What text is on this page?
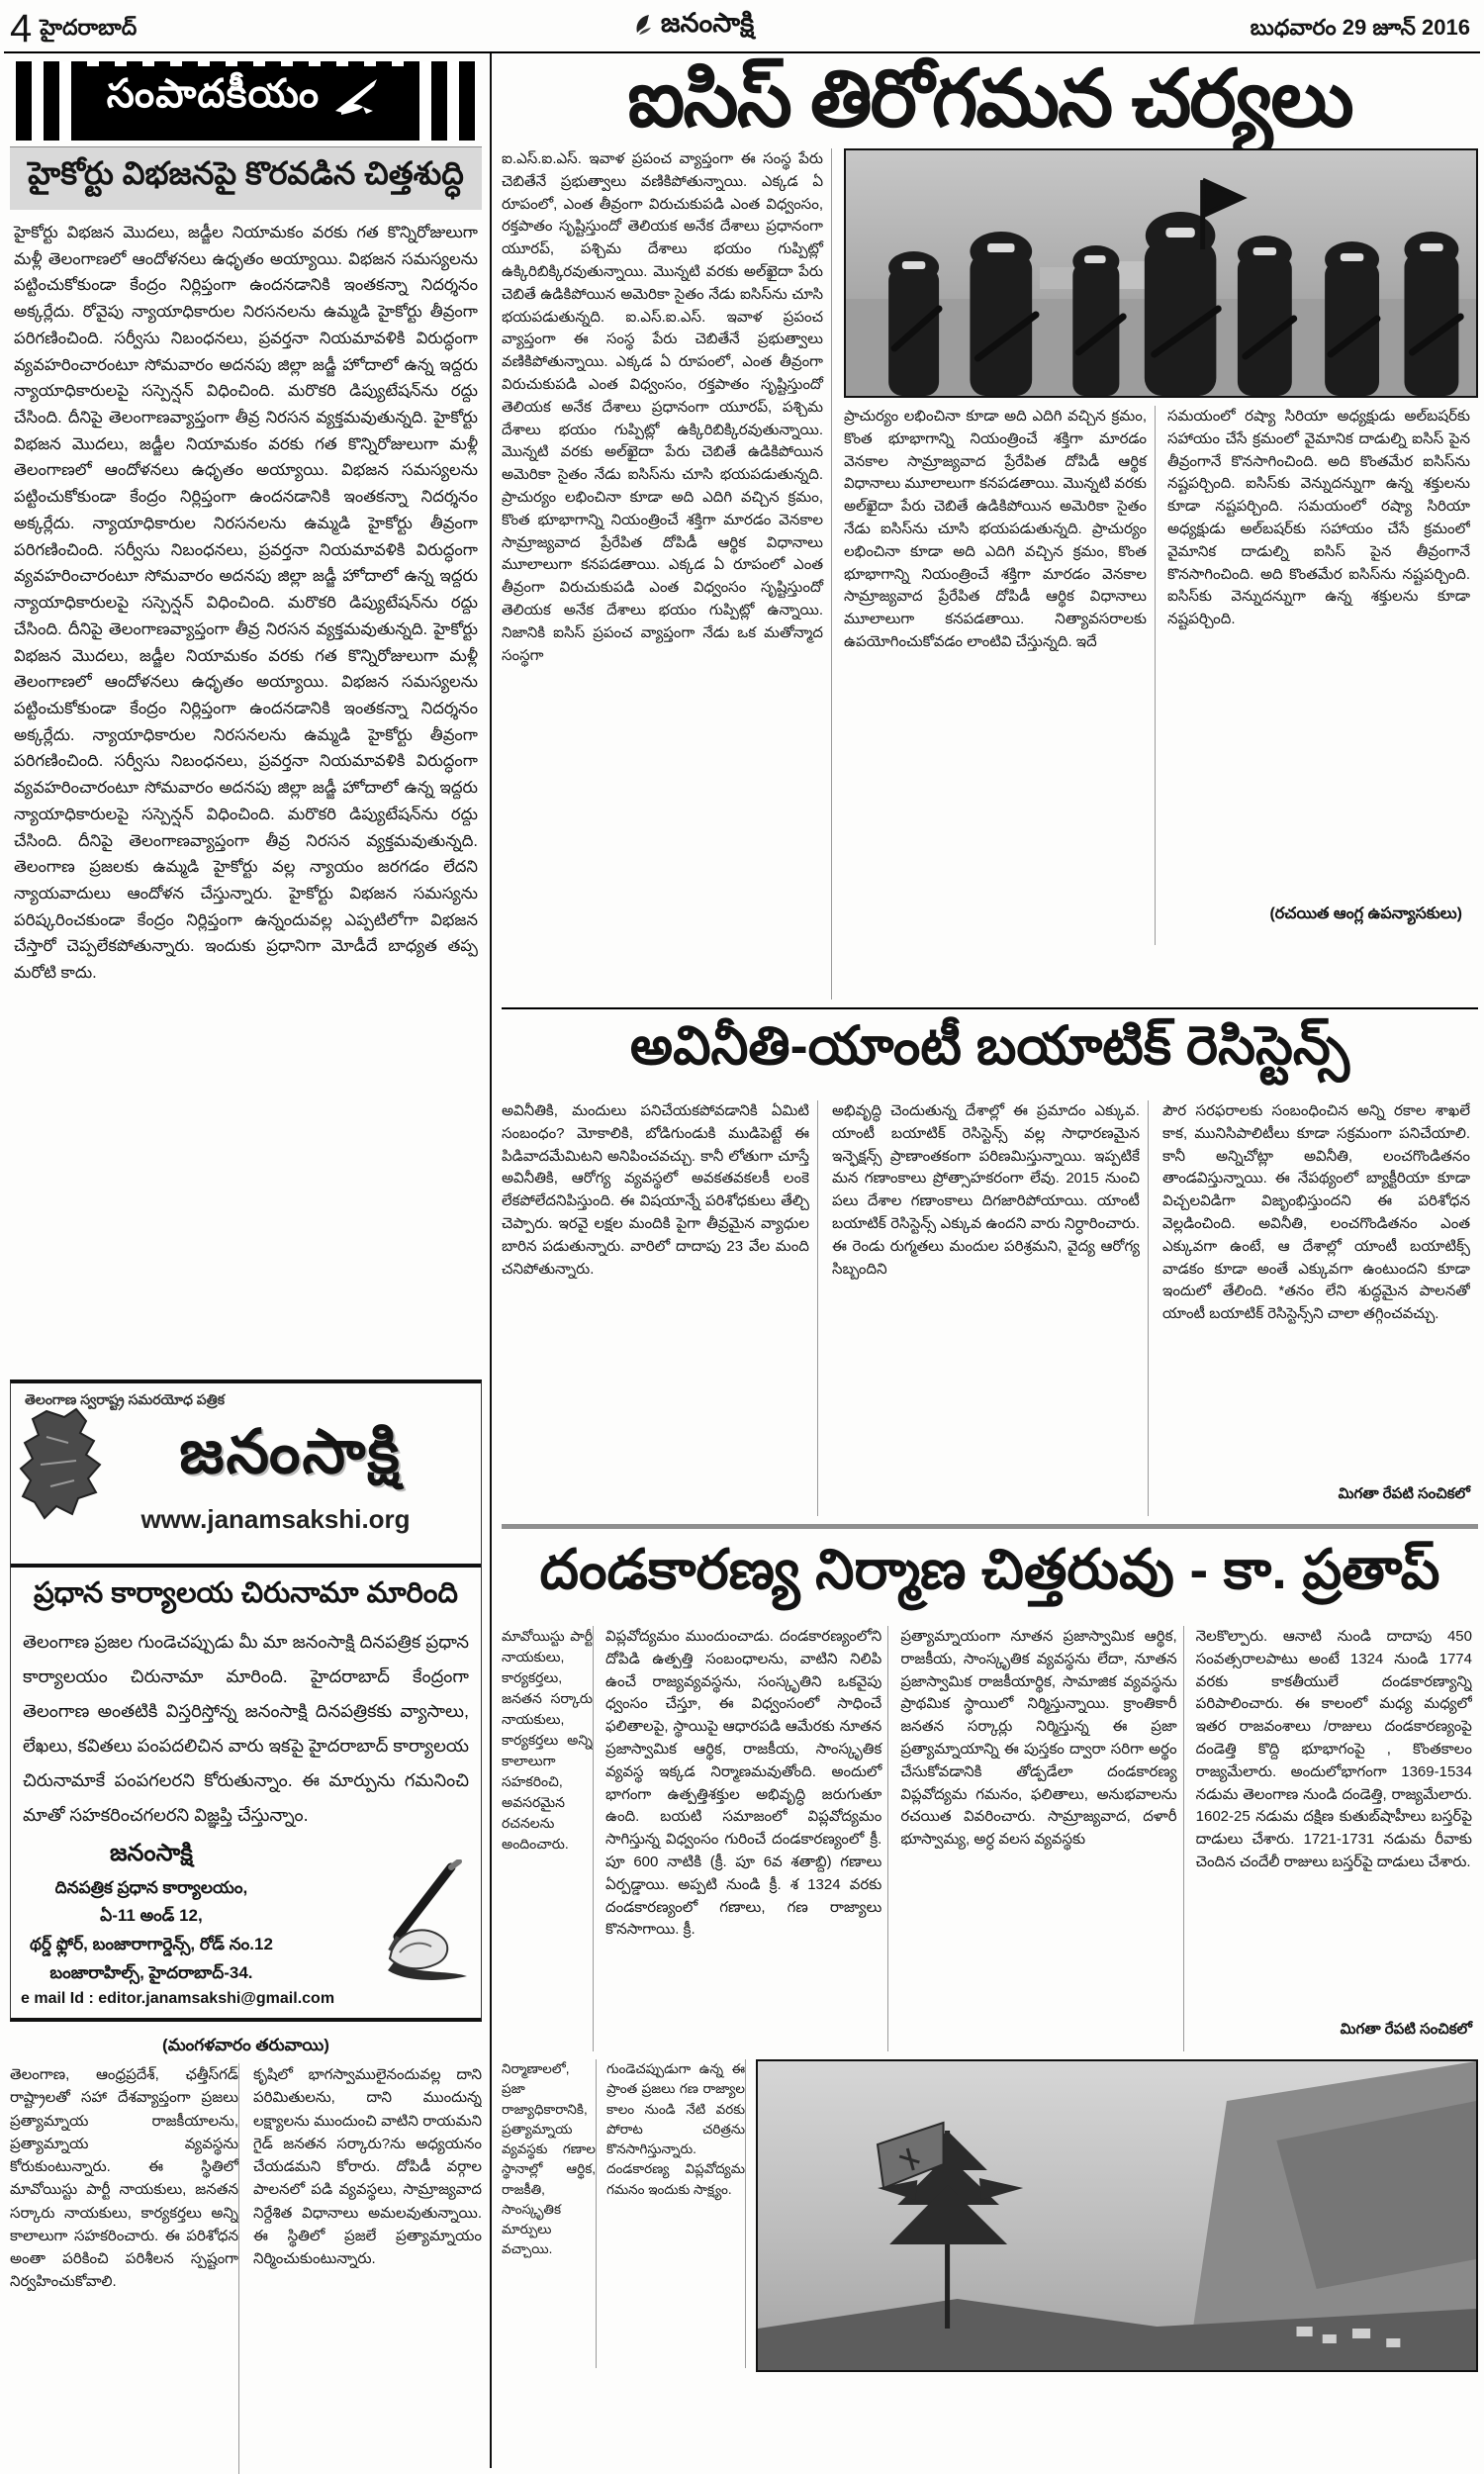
4 హైదరాబాద్	జనంసాక్షి	బుధవారం 29 జూన్ 2016
సంపాదకీయం
హైకోర్టు విభజనపై కొరవడిన చిత్తశుద్ధి
హైకోర్టు విభజన మొదలు, జడ్జీల నియామకం వరకు గత కొన్నిరోజులుగా మళ్లీ తెలంగాణలో ఆందోళనలు ఉధృతం అయ్యాయి. విభజన సమస్యలను పట్టించుకోకుండా కేంద్రం నిర్లిప్తంగా ఉందనడానికి ఇంతకన్నా నిదర్శనం అక్కర్లేదు. రోవైపు న్యాయాధికారుల నిరసనలను ఉమ్మడి హైకోర్టు తీవ్రంగా పరిగణించింది. సర్వీసు నిబంధనలు, ప్రవర్తనా నియమావళికి విరుద్ధంగా వ్యవహరించారంటూ సోమవారం అదనపు జిల్లా జడ్జీ హోదాలో ఉన్న ఇద్దరు న్యాయాధికారులపై సస్పెన్షన్ విధించింది. మరొకరి డిప్యుటేషన్‌ను రద్దు చేసింది. దీనిపై తెలంగాణవ్యాప్తంగా తీవ్ర నిరసన వ్యక్తమవుతున్నది. హైకోర్టు విభజన మొదలు, జడ్జీల నియామకం వరకు గత కొన్నిరోజులుగా మళ్లీ తెలంగాణలో ఆందోళనలు ఉధృతం అయ్యాయి. విభజన సమస్యలను పట్టించుకోకుండా కేంద్రం నిర్లిప్తంగా ఉందనడానికి ఇంతకన్నా నిదర్శనం అక్కర్లేదు. న్యాయాధికారుల నిరసనలను ఉమ్మడి హైకోర్టు తీవ్రంగా పరిగణించింది. సర్వీసు నిబంధనలు, ప్రవర్తనా నియమావళికి విరుద్ధంగా వ్యవహరించారంటూ సోమవారం అదనపు జిల్లా జడ్జీ హోదాలో ఉన్న ఇద్దరు న్యాయాధికారులపై సస్పెన్షన్ విధించింది. మరొకరి డిప్యుటేషన్‌ను రద్దు చేసింది. దీనిపై తెలంగాణవ్యాప్తంగా తీవ్ర నిరసన వ్యక్తమవుతున్నది. హైకోర్టు విభజన మొదలు, జడ్జీల నియామకం వరకు గత కొన్నిరోజులుగా మళ్లీ తెలంగాణలో ఆందోళనలు ఉధృతం అయ్యాయి. విభజన సమస్యలను పట్టించుకోకుండా కేంద్రం నిర్లిప్తంగా ఉందనడానికి ఇంతకన్నా నిదర్శనం అక్కర్లేదు. న్యాయాధికారుల నిరసనలను ఉమ్మడి హైకోర్టు తీవ్రంగా పరిగణించింది. సర్వీసు నిబంధనలు, ప్రవర్తనా నియమావళికి విరుద్ధంగా వ్యవహరించారంటూ సోమవారం అదనపు జిల్లా జడ్జీ హోదాలో ఉన్న ఇద్దరు న్యాయాధికారులపై సస్పెన్షన్ విధించింది. మరొకరి డిప్యుటేషన్‌ను రద్దు చేసింది. దీనిపై తెలంగాణవ్యాప్తంగా తీవ్ర నిరసన వ్యక్తమవుతున్నది. తెలంగాణ ప్రజలకు ఉమ్మడి హైకోర్టు వల్ల న్యాయం జరగడం లేదని న్యాయవాదులు ఆందోళన చేస్తున్నారు. హైకోర్టు విభజన సమస్యను పరిష్కరించకుండా కేంద్రం నిర్లిప్తంగా ఉన్నందువల్ల ఎప్పటిలోగా విభజన చేస్తారో చెప్పలేకపోతున్నారు. ఇందుకు ప్రధానిగా మోడీదే బాధ్యత తప్ప మరోటి కాదు.
తెలంగాణ స్వరాష్ట్ర సమరయోధ పత్రిక
జనంసాక్షి
www.janamsakshi.org
ప్రధాన కార్యాలయ చిరునామా మారింది
తెలంగాణ ప్రజల గుండెచప్పుడు మీ మా జనంసాక్షి దినపత్రిక ప్రధాన కార్యాలయం చిరునామా మారింది. హైదరాబాద్ కేంద్రంగా తెలంగాణ అంతటికి విస్తరిస్తోన్న జనంసాక్షి దినపత్రికకు వ్యాసాలు, లేఖలు, కవితలు పంపదలిచిన వారు ఇకపై హైదరాబాద్ కార్యాలయ చిరునామాకే పంపగలరని కోరుతున్నాం. ఈ మార్పును గమనించి మాతో సహకరించగలరని విజ్ఞప్తి చేస్తున్నాం.
జనంసాక్షి
దినపత్రిక ప్రధాన కార్యాలయం,
ఏ-11 అండ్ 12,
థర్డ్ ఫ్లోర్, బంజారాగార్డెన్స్, రోడ్ నం.12
బంజారాహిల్స్, హైదరాబాద్-34.
e mail Id : editor.janamsakshi@gmail.com
(మంగళవారం తరువాయి)
తెలంగాణ, ఆంధ్రప్రదేశ్, ఛత్తీస్‌గడ్ రాష్ట్రాలతో సహా దేశవ్యాప్తంగా ప్రజలు ప్రత్యామ్నాయ రాజకీయాలను, ప్రత్యామ్నాయ వ్యవస్థను కోరుకుంటున్నారు. ఈ స్థితిలో మావోయిస్టు పార్టీ నాయకులు, జనతన సర్కారు నాయకులు, కార్యకర్తలు అన్ని కాలాలుగా సహకరించారు. ఈ పరిశోధన అంతా పరికించి పరిశీలన స్పష్టంగా నిర్వహించుకోవాలి.
కృషిలో భాగస్వాములైనందువల్ల దాని పరిమితులను, దాని ముందున్న లక్ష్యాలను ముందుంచి వాటిని రాయమని గైడ్ జనతన సర్కారు?ను అధ్యయనం చేయడమని కోరారు. దోపిడీ వర్గాల పాలనలో పడి వ్యవస్థలు, సామ్రాజ్యవాద నిర్దేశిత విధానాలు అమలవుతున్నాయి. ఈ స్థితిలో ప్రజలే ప్రత్యామ్నాయం నిర్మించుకుంటున్నారు.
ఐసిస్ తిరోగమన చర్యలు
ఐ.ఎస్.ఐ.ఎస్. ఇవాళ ప్రపంచ వ్యాప్తంగా ఈ సంస్థ పేరు చెబితేనే ప్రభుత్వాలు వణికిపోతున్నాయి. ఎక్కడ ఏ రూపంలో, ఎంత తీవ్రంగా విరుచుకుపడి ఎంత విధ్వంసం, రక్తపాతం సృష్టిస్తుందో తెలియక అనేక దేశాలు ప్రధానంగా యూరప్, పశ్చిమ దేశాలు భయం గుప్పిట్లో ఉక్కిరిబిక్కిరవుతున్నాయి. మొన్నటి వరకు అల్‌ఖైదా పేరు చెబితే ఉడికిపోయిన అమెరికా సైతం నేడు ఐసిస్‌ను చూసి భయపడుతున్నది. ఐ.ఎస్.ఐ.ఎస్. ఇవాళ ప్రపంచ వ్యాప్తంగా ఈ సంస్థ పేరు చెబితేనే ప్రభుత్వాలు వణికిపోతున్నాయి. ఎక్కడ ఏ రూపంలో, ఎంత తీవ్రంగా విరుచుకుపడి ఎంత విధ్వంసం, రక్తపాతం సృష్టిస్తుందో తెలియక అనేక దేశాలు ప్రధానంగా యూరప్, పశ్చిమ దేశాలు భయం గుప్పిట్లో ఉక్కిరిబిక్కిరవుతున్నాయి. మొన్నటి వరకు అల్‌ఖైదా పేరు చెబితే ఉడికిపోయిన అమెరికా సైతం నేడు ఐసిస్‌ను చూసి భయపడుతున్నది. ప్రాచుర్యం లభించినా కూడా అది ఎదిగి వచ్చిన క్రమం, కొంత భూభాగాన్ని నియంత్రించే శక్తిగా మారడం వెనకాల సామ్రాజ్యవాద ప్రేరేపిత దోపిడీ ఆర్థిక విధానాలు మూలాలుగా కనపడతాయి. ఎక్కడ ఏ రూపంలో ఎంత తీవ్రంగా విరుచుకుపడి ఎంత విధ్వంసం సృష్టిస్తుందో తెలియక అనేక దేశాలు భయం గుప్పిట్లో ఉన్నాయి. నిజానికి ఐసిస్ ప్రపంచ వ్యాప్తంగా నేడు ఒక మతోన్మాద సంస్థగా
ప్రాచుర్యం లభించినా కూడా అది ఎదిగి వచ్చిన క్రమం, కొంత భూభాగాన్ని నియంత్రించే శక్తిగా మారడం వెనకాల సామ్రాజ్యవాద ప్రేరేపిత దోపిడీ ఆర్థిక విధానాలు మూలాలుగా కనపడతాయి. మొన్నటి వరకు అల్‌ఖైదా పేరు చెబితే ఉడికిపోయిన అమెరికా సైతం నేడు ఐసిస్‌ను చూసి భయపడుతున్నది. ప్రాచుర్యం లభించినా కూడా అది ఎదిగి వచ్చిన క్రమం, కొంత భూభాగాన్ని నియంత్రించే శక్తిగా మారడం వెనకాల సామ్రాజ్యవాద ప్రేరేపిత దోపిడీ ఆర్థిక విధానాలు మూలాలుగా కనపడతాయి. నిత్యావసరాలకు ఉపయోగించుకోవడం లాంటివి చేస్తున్నది. ఇదే
సమయంలో రష్యా సిరియా అధ్యక్షుడు అల్‌బషర్‌కు సహాయం చేసే క్రమంలో వైమానిక దాడుల్ని ఐసిస్ పైన తీవ్రంగానే కొనసాగించింది. అది కొంతమేర ఐసిస్‌ను నష్టపర్చింది. ఐసిస్‌కు వెన్నుదన్నుగా ఉన్న శక్తులను కూడా నష్టపర్చింది. సమయంలో రష్యా సిరియా అధ్యక్షుడు అల్‌బషర్‌కు సహాయం చేసే క్రమంలో వైమానిక దాడుల్ని ఐసిస్ పైన తీవ్రంగానే కొనసాగించింది. అది కొంతమేర ఐసిస్‌ను నష్టపర్చింది. ఐసిస్‌కు వెన్నుదన్నుగా ఉన్న శక్తులను కూడా నష్టపర్చింది.
(రచయిత ఆంగ్ల ఉపన్యాసకులు)
అవినీతి-యాంటీ బయాటిక్ రెసిస్టెన్స్
అవినీతికి, మందులు పనిచేయకపోవడానికి ఏమిటి సంబంధం? మోకాలికి, బోడిగుండుకి ముడిపెట్టే ఈ పిడివాదమేమిటని అనిపించవచ్చు. కానీ లోతుగా చూస్తే అవినీతికి, ఆరోగ్య వ్యవస్థలో అవకతవకలకీ లంకె లేకపోలేదనిపిస్తుంది. ఈ విషయాన్నే పరిశోధకులు తేల్చి చెప్పారు. ఇరవై లక్షల మందికి పైగా తీవ్రమైన వ్యాధుల బారిన పడుతున్నారు. వారిలో దాదాపు 23 వేల మంది చనిపోతున్నారు.
అభివృద్ధి చెందుతున్న దేశాల్లో ఈ ప్రమాదం ఎక్కువ. యాంటీ బయాటిక్ రెసిస్టెన్స్ వల్ల సాధారణమైన ఇన్ఫెక్షన్స్ ప్రాణాంతకంగా పరిణమిస్తున్నాయి. ఇప్పటికే మన గణాంకాలు ప్రోత్సాహకరంగా లేవు. 2015 నుంచి పలు దేశాల గణాంకాలు దిగజారిపోయాయి. యాంటీ బయాటిక్ రెసిస్టెన్స్ ఎక్కువ ఉందని వారు నిర్ధారించారు. ఈ రెండు రుగ్మతలు మందుల పరిశ్రమని, వైద్య ఆరోగ్య సిబ్బందిని
పౌర సరఫరాలకు సంబంధించిన అన్ని రకాల శాఖలే కాక, మునిసిపాలిటీలు కూడా సక్రమంగా పనిచేయాలి. కానీ అన్నిచోట్లా అవినీతి, లంచగొండితనం తాండవిస్తున్నాయి. ఈ నేపథ్యంలో బ్యాక్టీరియా కూడా విచ్చలవిడిగా విజృంభిస్తుందని ఈ పరిశోధన వెల్లడించింది. అవినీతి, లంచగొండితనం ఎంత ఎక్కువగా ఉంటే, ఆ దేశాల్లో యాంటీ బయాటిక్స్ వాడకం కూడా అంతే ఎక్కువగా ఉంటుందని కూడా ఇందులో తేలింది. *తనం లేని శుద్ధమైన పాలనతో యాంటీ బయాటిక్ రెసిస్టెన్స్‌ని చాలా తగ్గించవచ్చు.
మిగతా రేపటి సంచికలో
దండకారణ్య నిర్మాణ చిత్తరువు - కా. ప్రతాప్
మావోయిస్టు పార్టీ నాయకులు, కార్యకర్తలు, జనతన సర్కారు నాయకులు, కార్యకర్తలు అన్ని కాలాలుగా సహకరించి, అవసరమైన రచనలను అందించారు.
విప్లవోద్యమం ముందుంచాడు. దండకారణ్యంలోని దోపిడి ఉత్పత్తి సంబంధాలను, వాటిని నిలిపి ఉంచే రాజ్యవ్యవస్థను, సంస్కృతిని ఒకవైపు ధ్వంసం చేస్తూ, ఈ విధ్వంసంలో సాధించే ఫలితాలపై, స్థాయిపై ఆధారపడి ఆమేరకు నూతన ప్రజాస్వామిక ఆర్థిక, రాజకీయ, సాంస్కృతిక వ్యవస్థ ఇక్కడ నిర్మాణమవుతోంది. అందులో భాగంగా ఉత్పత్తిశక్తుల అభివృద్ధి జరుగుతూ ఉంది. బయటి సమాజంలో విప్లవోద్యమం సాగిస్తున్న విధ్వంసం గురించే దండకారణ్యంలో క్రీ. పూ 600 నాటికి (క్రీ. పూ 6వ శతాబ్ది) గణాలు ఏర్పడ్డాయి. అప్పటి నుండి క్రీ. శ 1324 వరకు దండకారణ్యంలో గణాలు, గణ రాజ్యాలు కొనసాగాయి. క్రీ.
ప్రత్యామ్నాయంగా నూతన ప్రజాస్వామిక ఆర్థిక, రాజకీయ, సాంస్కృతిక వ్యవస్థను లేదా, నూతన ప్రజాస్వామిక రాజకీయార్థిక, సామాజిక వ్యవస్థను ప్రాథమిక స్థాయిలో నిర్మిస్తున్నాయి. క్రాంతికారీ జనతన సర్కార్లు నిర్మిస్తున్న ఈ ప్రజా ప్రత్యామ్నాయాన్ని ఈ పుస్తకం ద్వారా సరిగా అర్థం చేసుకోవడానికి తోడ్పడేలా దండకారణ్య విప్లవోద్యమ గమనం, ఫలితాలు, అనుభవాలను రచయిత వివరించారు. సామ్రాజ్యవాద, దళారీ భూస్వామ్య, అర్ధ వలస వ్యవస్థకు
నెలకొల్పారు. ఆనాటి నుండి దాదాపు 450 సంవత్సరాలపాటు అంటే 1324 నుండి 1774 వరకు కాకతీయులే దండకారణ్యాన్ని పరిపాలించారు. ఈ కాలంలో మధ్య మధ్యలో ఇతర రాజవంశాలు /రాజులు దండకారణ్యంపై దండెత్తి కొద్ది భూభాగంపై , కొంతకాలం రాజ్యమేలారు. అందులోభాగంగా 1369-1534 నడుమ తెలంగాణ నుండి దండెత్తి, రాజ్యమేలారు. 1602-25 నడుమ దక్షిణ కుతుబ్‌షాహీలు బస్తర్‌పై దాడులు చేశారు. 1721-1731 నడుమ రీవాకు చెందిన చందేలీ రాజులు బస్తర్‌పై దాడులు చేశారు.
మిగతా రేపటి సంచికలో
నిర్మాణాలలో, ప్రజా రాజ్యాధికారానికి, ప్రత్యామ్నాయ వ్యవస్థకు గణాల స్థానాల్లో ఆర్థిక, రాజకీతి, సాంస్కృతిక మార్పులు వచ్చాయి.
గుండెచప్పుడుగా ఉన్న ఈ ప్రాంత ప్రజలు గణ రాజ్యాల కాలం నుండి నేటి వరకు పోరాట చరిత్రను కొనసాగిస్తున్నారు. దండకారణ్య విప్లవోద్యమ గమనం ఇందుకు సాక్ష్యం.
